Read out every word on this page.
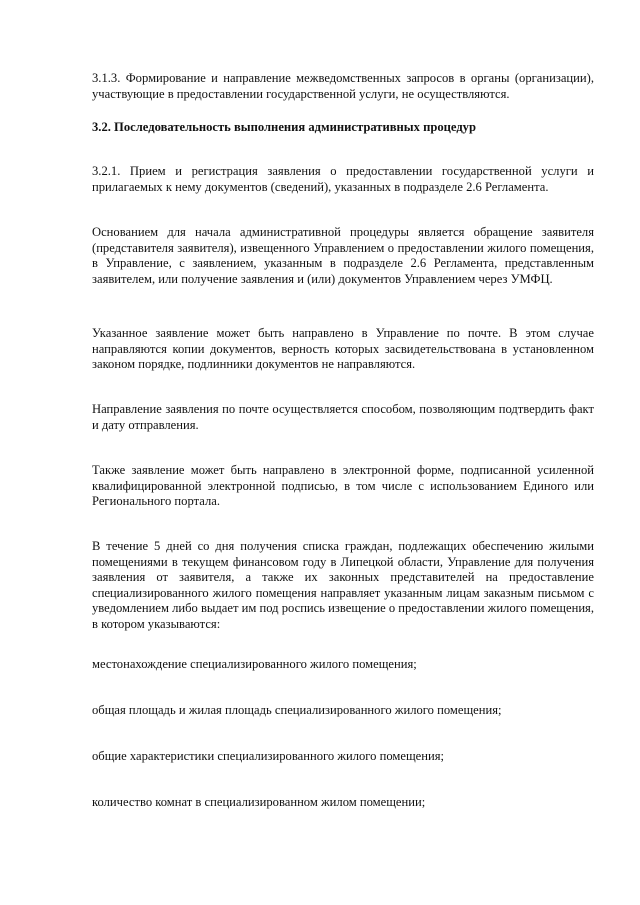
3.1.3. Формирование и направление межведомственных запросов в органы (организации), участвующие в предоставлении государственной услуги, не осуществляются.

3.2. Последовательность выполнения административных процедур

3.2.1. Прием и регистрация заявления о предоставлении государственной услуги и прилагаемых к нему документов (сведений), указанных в подразделе 2.6 Регламента.

Основанием для начала административной процедуры является обращение заявителя (представителя заявителя), извещенного Управлением о предоставлении жилого помещения, в Управление, с заявлением, указанным в подразделе 2.6 Регламента, представленным заявителем, или получение заявления и (или) документов Управлением через УМФЦ.

Указанное заявление может быть направлено в Управление по почте. В этом случае направляются копии документов, верность которых засвидетельствована в установленном законом порядке, подлинники документов не направляются.

Направление заявления по почте осуществляется способом, позволяющим подтвердить факт и дату отправления.

Также заявление может быть направлено в электронной форме, подписанной усиленной квалифицированной электронной подписью, в том числе с использованием Единого или Регионального портала.

В течение 5 дней со дня получения списка граждан, подлежащих обеспечению жилыми помещениями в текущем финансовом году в Липецкой области, Управление для получения заявления от заявителя, а также их законных представителей на предоставление специализированного жилого помещения направляет указанным лицам заказным письмом с уведомлением либо выдает им под роспись извещение о предоставлении жилого помещения, в котором указываются:

местонахождение специализированного жилого помещения;

общая площадь и жилая площадь специализированного жилого помещения;

общие характеристики специализированного жилого помещения;

количество комнат в специализированном жилом помещении;
